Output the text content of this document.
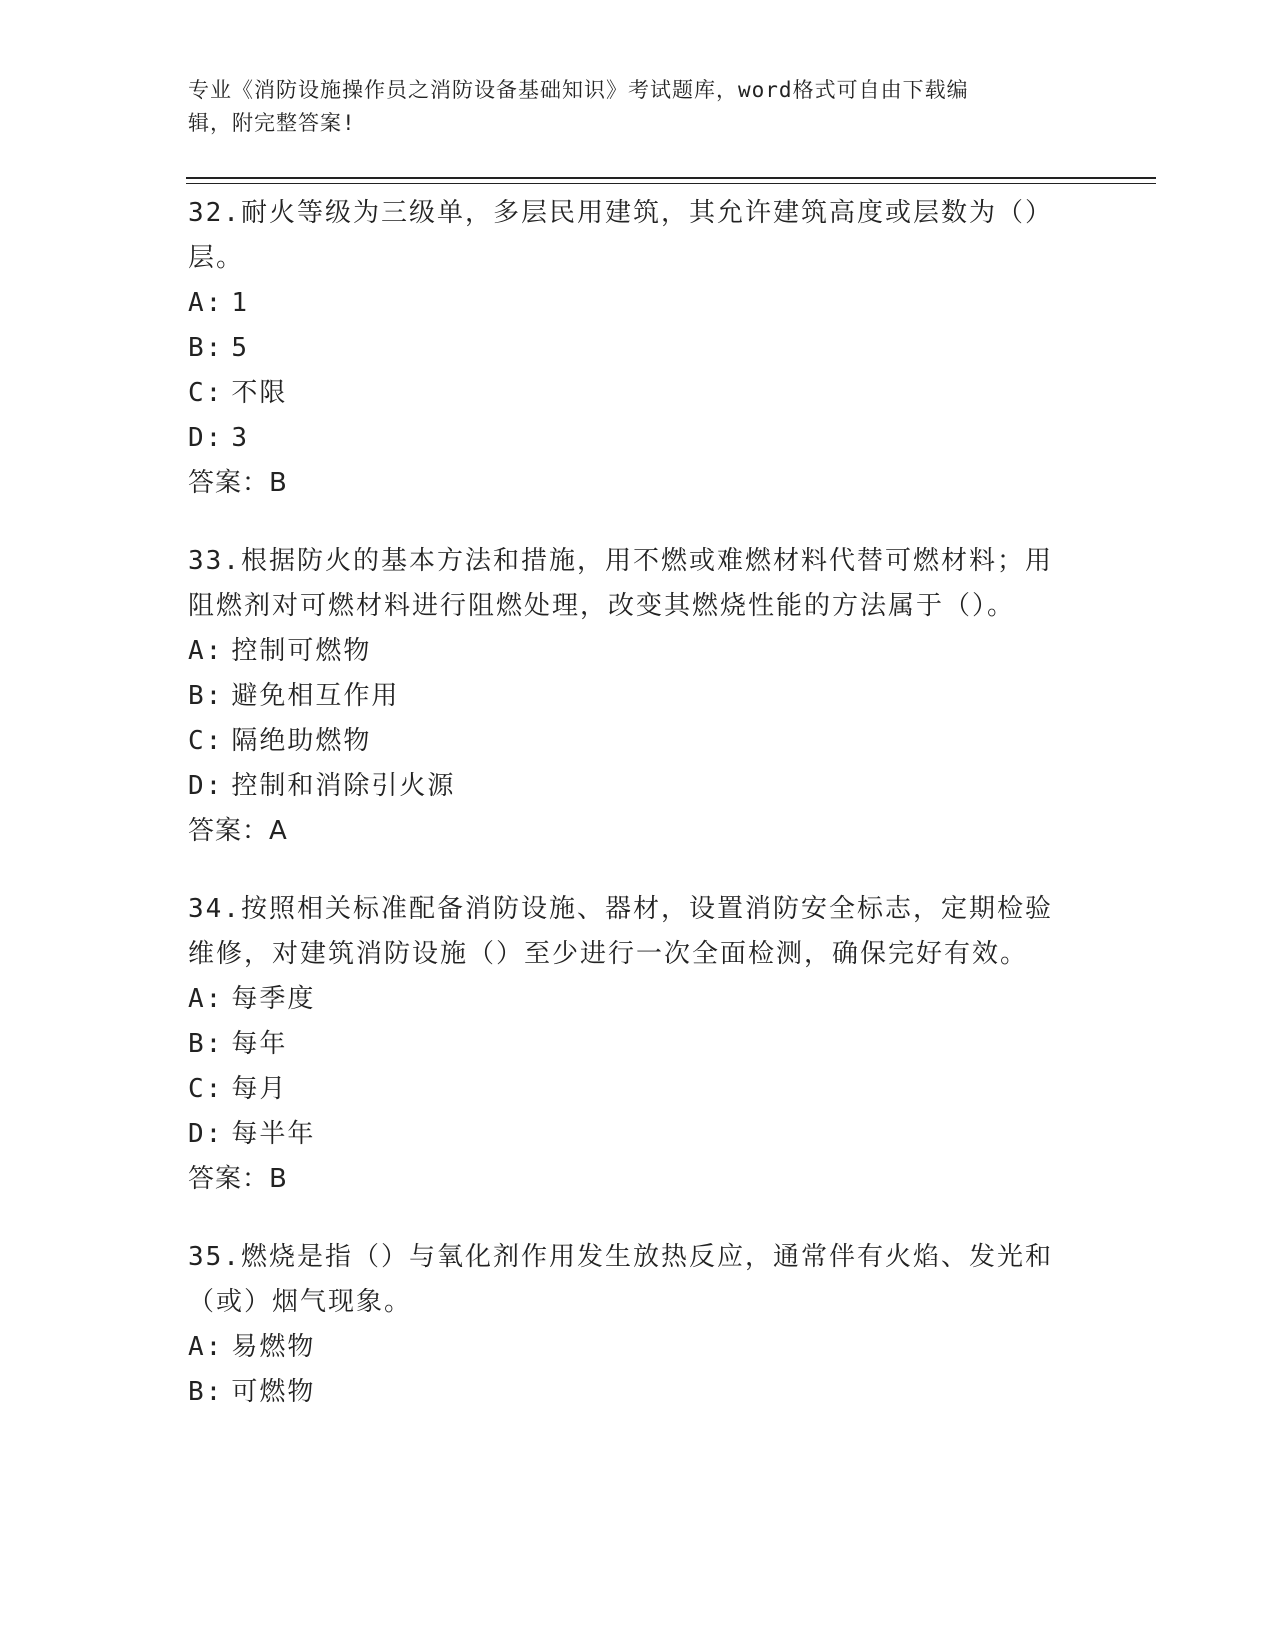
专业《消防设施操作员之消防设备基础知识》考试题库，word格式可自由下载编
辑，附完整答案!
32.耐火等级为三级单，多层民用建筑，其允许建筑高度或层数为（）
层。
A: 1
B: 5
C: 不限
D: 3
答案：B
33.根据防火的基本方法和措施，用不燃或难燃材料代替可燃材料；用
阻燃剂对可燃材料进行阻燃处理，改变其燃烧性能的方法属于（）。
A: 控制可燃物
B: 避免相互作用
C: 隔绝助燃物
D: 控制和消除引火源
答案：A
34.按照相关标准配备消防设施、器材，设置消防安全标志，定期检验
维修，对建筑消防设施（）至少进行一次全面检测，确保完好有效。
A: 每季度
B: 每年
C: 每月
D: 每半年
答案：B
35.燃烧是指（）与氧化剂作用发生放热反应，通常伴有火焰、发光和
（或）烟气现象。
A: 易燃物
B: 可燃物
